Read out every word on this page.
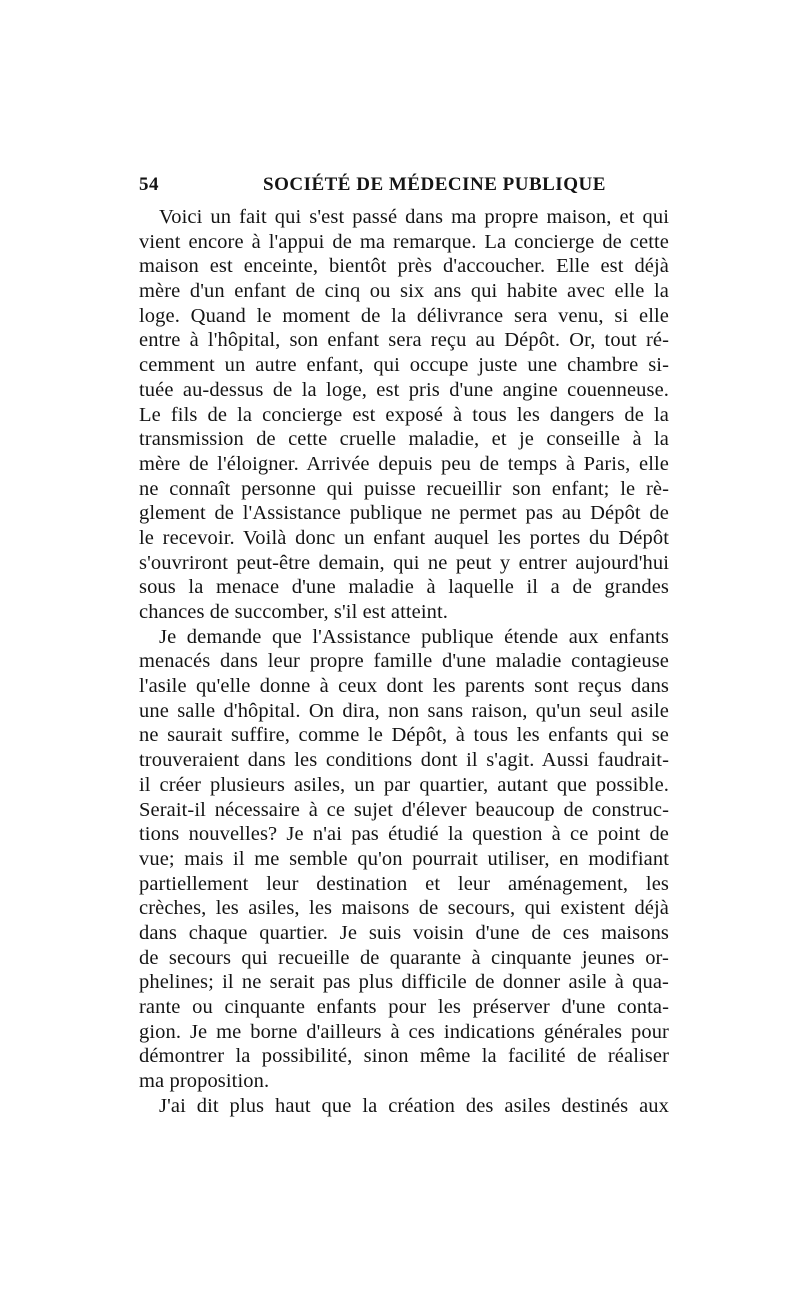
54	SOCIÉTÉ DE MÉDECINE PUBLIQUE
Voici un fait qui s'est passé dans ma propre maison, et qui
vient encore à l'appui de ma remarque. La concierge de cette
maison est enceinte, bientôt près d'accoucher. Elle est déjà
mère d'un enfant de cinq ou six ans qui habite avec elle la
loge. Quand le moment de la délivrance sera venu, si elle
entre à l'hôpital, son enfant sera reçu au Dépôt. Or, tout ré-
cemment un autre enfant, qui occupe juste une chambre si-
tuée au-dessus de la loge, est pris d'une angine couenneuse.
Le fils de la concierge est exposé à tous les dangers de la
transmission de cette cruelle maladie, et je conseille à la
mère de l'éloigner. Arrivée depuis peu de temps à Paris, elle
ne connaît personne qui puisse recueillir son enfant; le rè-
glement de l'Assistance publique ne permet pas au Dépôt de
le recevoir. Voilà donc un enfant auquel les portes du Dépôt
s'ouvriront peut-être demain, qui ne peut y entrer aujourd'hui
sous la menace d'une maladie à laquelle il a de grandes
chances de succomber, s'il est atteint.
Je demande que l'Assistance publique étende aux enfants
menacés dans leur propre famille d'une maladie contagieuse
l'asile qu'elle donne à ceux dont les parents sont reçus dans
une salle d'hôpital. On dira, non sans raison, qu'un seul asile
ne saurait suffire, comme le Dépôt, à tous les enfants qui se
trouveraient dans les conditions dont il s'agit. Aussi faudrait-
il créer plusieurs asiles, un par quartier, autant que possible.
Serait-il nécessaire à ce sujet d'élever beaucoup de construc-
tions nouvelles? Je n'ai pas étudié la question à ce point de
vue; mais il me semble qu'on pourrait utiliser, en modifiant
partiellement leur destination et leur aménagement, les
crèches, les asiles, les maisons de secours, qui existent déjà
dans chaque quartier. Je suis voisin d'une de ces maisons
de secours qui recueille de quarante à cinquante jeunes or-
phelines; il ne serait pas plus difficile de donner asile à qua-
rante ou cinquante enfants pour les préserver d'une conta-
gion. Je me borne d'ailleurs à ces indications générales pour
démontrer la possibilité, sinon même la facilité de réaliser
ma proposition.
J'ai dit plus haut que la création des asiles destinés aux
